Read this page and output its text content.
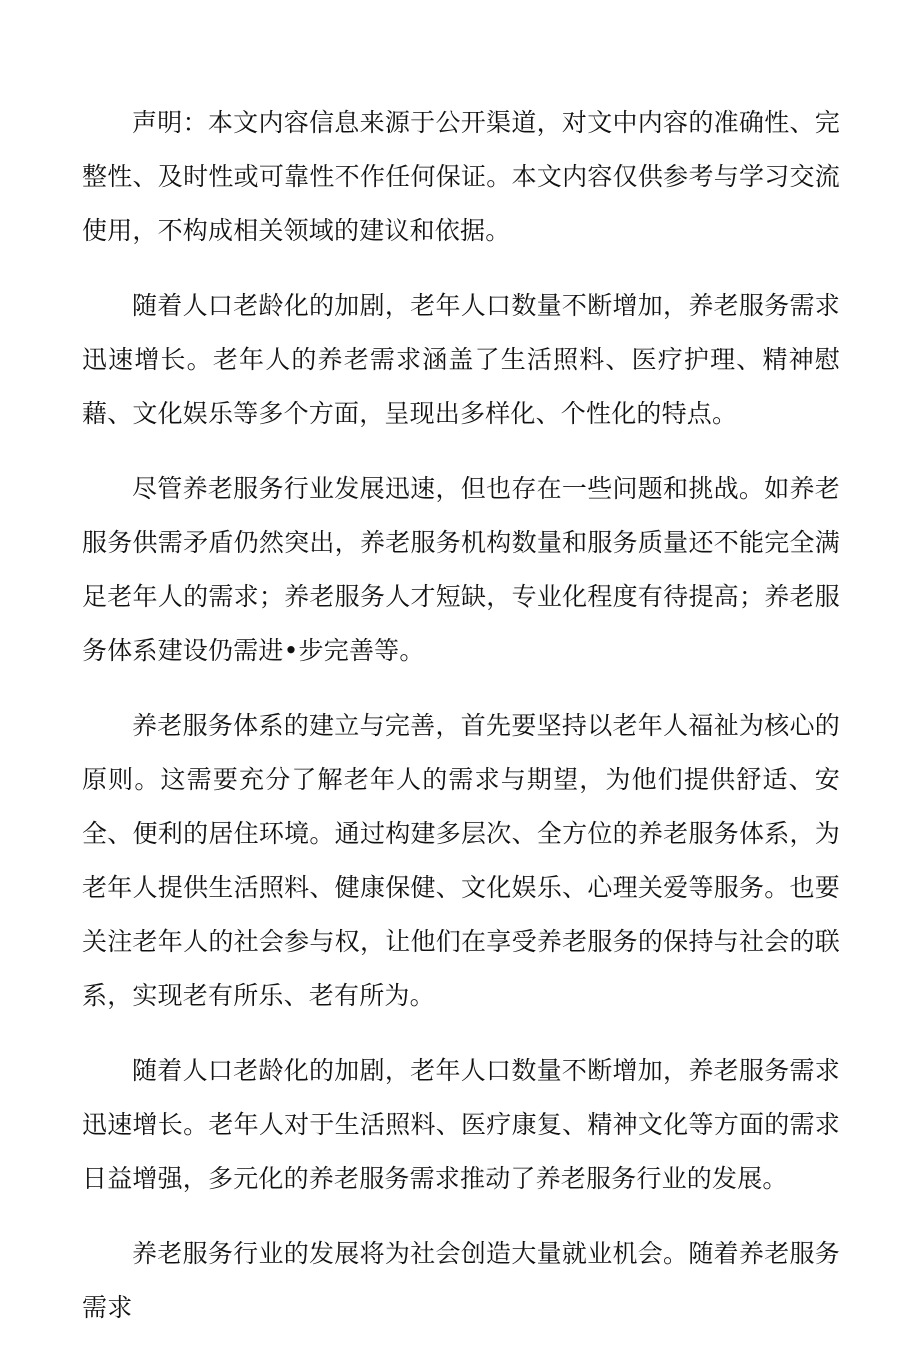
声明：本文内容信息来源于公开渠道，对文中内容的准确性、完整性、及时性或可靠性不作任何保证。本文内容仅供参考与学习交流使用，不构成相关领域的建议和依据。

随着人口老龄化的加剧，老年人口数量不断增加，养老服务需求迅速增长。老年人的养老需求涵盖了生活照料、医疗护理、精神慰藉、文化娱乐等多个方面，呈现出多样化、个性化的特点。

尽管养老服务行业发展迅速，但也存在一些问题和挑战。如养老服务供需矛盾仍然突出，养老服务机构数量和服务质量还不能完全满足老年人的需求；养老服务人才短缺，专业化程度有待提高；养老服务体系建设仍需进•步完善等。

养老服务体系的建立与完善，首先要坚持以老年人福祉为核心的原则。这需要充分了解老年人的需求与期望，为他们提供舒适、安全、便利的居住环境。通过构建多层次、全方位的养老服务体系，为老年人提供生活照料、健康保健、文化娱乐、心理关爱等服务。也要关注老年人的社会参与权，让他们在享受养老服务的保持与社会的联系，实现老有所乐、老有所为。

随着人口老龄化的加剧，老年人口数量不断增加，养老服务需求迅速增长。老年人对于生活照料、医疗康复、精神文化等方面的需求日益增强，多元化的养老服务需求推动了养老服务行业的发展。

养老服务行业的发展将为社会创造大量就业机会。随着养老服务需求
